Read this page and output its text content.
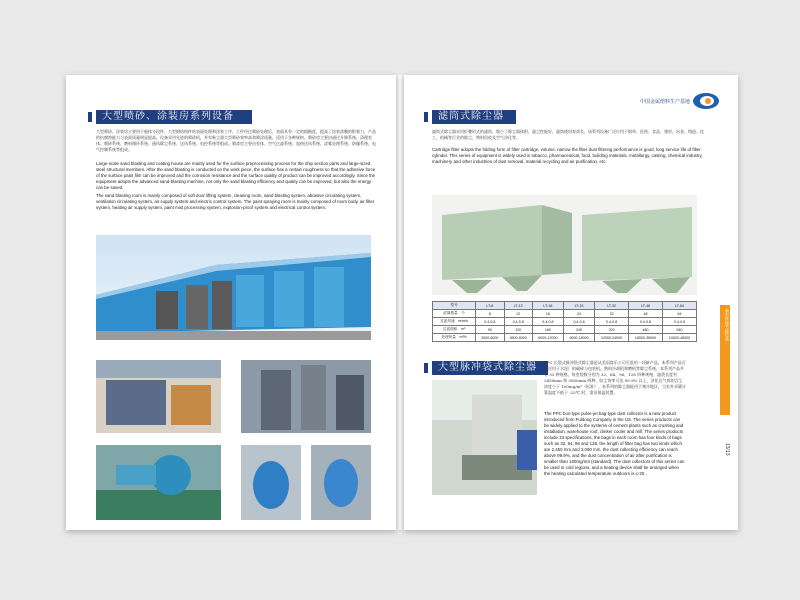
大型喷砂、涂装房系列设备
大型喷砂、涂装房主要用于船体分段件、大型钢结构件的表面处理和涂装工序，工件经过喷砂处理后，表面具有一定的粗糙度，提高了涂装漆膜的附着力，产品的抗腐蚀能力与表面质量明显提高。设备采用先进的喷砂机，并有吸尘器大型喷砂效率高和喷涂质量，适用于各种规格。喷砂房主要由通过升降系统、清理室体、喷砂系统、磨料循环系统、通风除尘系统、送风系统、电控系统等组成。喷漆房主要由室体、空气过滤系统、加热送风系统、漆雾处理系统、防爆系统、电气控制系统等组成。
Large-scale sand blasting and coating house are mainly used for the surface preprocessing process for the ship section parts and large-sized steel structural members. After the sand blasting is conducted on the work piece, the surface has a certain roughness so that the adhesive force of the surface paint film can be improved and the corrosion resistance and the surface quality of product can be improved accordingly. Since the equipment adopts the advanced sand-blasting machine, not only the sand blasting efficiency and quality can be improved, but also the energy can be saved.
The sand blasting room is mainly composed of soft door lifting system, cleaning room, sand blasting system, abrasive circulating system, ventilation circulating system, air supply system and electric control system. The paint spraying room is mainly composed of room body, air filter system, heating air supply system, paint mist processing system, explosion-proof system and electrical control system.
中国金属熔料生产基地
滤筒式除尘器
滤筒式除尘器采用折叠形式的滤筒，缩小了除尘器体积，滤尘性能好，滤筒使用寿命长，该系列设备广泛应用于烟草、医药、食品、建材、冶金、铸造、化工、机械等行业的除尘、物料回收及空气净化等。
Cartridge filter adopts the folding form of filter cartridge, volume, narrow the filter dust filtering performance is good, long service life of filter cylinder. This series of equipment is widely used in tobacco, pharmaceutical, food, building materials, metallurgy, casting, chemical industry, machinery and other industries of dust removal, material recycling and air purification, etc.
型号	LT-8	LT-12	LT-16	LT-24	LT-32	LT-48	LT-64
滤筒数量　个	8	12	16	24	32	48	64
过滤风速　m/min	0.4-0.8	0.4-0.8	0.4-0.8	0.4-0.8	0.4-0.8	0.4-0.8	0.4-0.8
过滤面积　m²	90	120	160	240	320	480	640
处理风量　m³/h	3000-6000	4500-9000	6000-12000	9000-18000	12000-24000	18000-36000	24000-48000
大型脉冲袋式除尘器	PPC 长袋式脉冲袋式除尘器是从美国富乐公司引进的一项新产品，本系列产品可广泛用于水泥厂的破碎与包装机，熟料冷却机和磨机等除尘系统，本系列产品共有 33 种规格。每室袋数分别为 32、64、96、128 四种规格，滤袋长度有 2450mm 和 3060mm 两种，收尘效率可达 99.9% 以上，净化后气体的含尘浓度小于 100mg/m³（标准）。本系列的除尘器能用于寒冷地区，当室外采暖计算温度不低于 -25℃ 时，需设保温装置。
The PPC box-type pulse-jet bag-type dust collector is a new product introduced from Fuldong Company in the US. The series products can be widely applied to the systems of cement plants such as crushing and installation, warehouse roof, clinker cooler and mill. The series products include 33 specifications, the bags in each room has four kinds of bags such as 32, 64, 96 and 128, the length of filter bag has two kinds which are 2,450 mm and 3,060 mm, the dust collecting efficiency can reach above 99.9%, and the dust concentration of air after purification is smaller than 100mg/m3 (standard). The dust collectors of this series can be used in cold regions, and a heating device shall be arranged when the heating calculated temperature outdoors is ≤-25 .
新型环保节能设备
13/13
